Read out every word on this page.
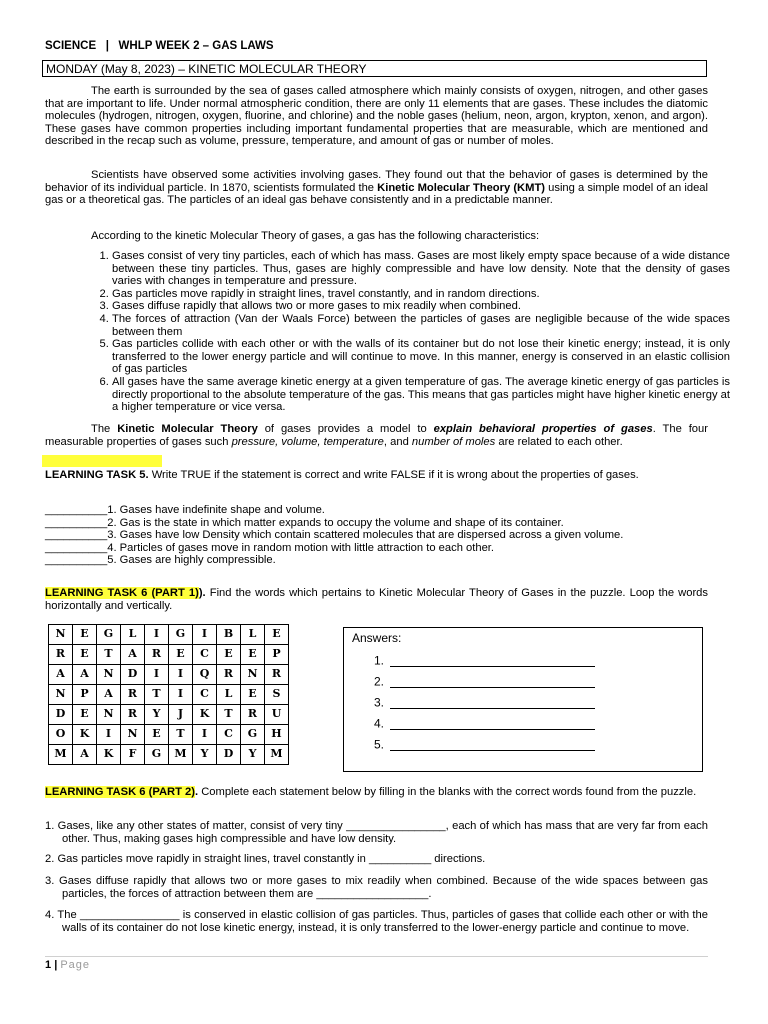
SCIENCE | WHLP WEEK 2 – GAS LAWS
MONDAY (May 8, 2023) – KINETIC MOLECULAR THEORY

The earth is surrounded by the sea of gases called atmosphere which mainly consists of oxygen, nitrogen, and other gases that are important to life. Under normal atmospheric condition, there are only 11 elements that are gases. These includes the diatomic molecules (hydrogen, nitrogen, oxygen, fluorine, and chlorine) and the noble gases (helium, neon, argon, krypton, xenon, and argon). These gases have common properties including important fundamental properties that are measurable, which are mentioned and described in the recap such as volume, pressure, temperature, and amount of gas or number of moles.

Scientists have observed some activities involving gases. They found out that the behavior of gases is determined by the behavior of its individual particle. In 1870, scientists formulated the Kinetic Molecular Theory (KMT) using a simple model of an ideal gas or a theoretical gas. The particles of an ideal gas behave consistently and in a predictable manner.

According to the kinetic Molecular Theory of gases, a gas has the following characteristics:

1. Gases consist of very tiny particles, each of which has mass. Gases are most likely empty space because of a wide distance between these tiny particles. Thus, gases are highly compressible and have low density. Note that the density of gases varies with changes in temperature and pressure.
2. Gas particles move rapidly in straight lines, travel constantly, and in random directions.
3. Gases diffuse rapidly that allows two or more gases to mix readily when combined.
4. The forces of attraction (Van der Waals Force) between the particles of gases are negligible because of the wide spaces between them
5. Gas particles collide with each other or with the walls of its container but do not lose their kinetic energy; instead, it is only transferred to the lower energy particle and will continue to move. In this manner, energy is conserved in an elastic collision of gas particles
6. All gases have the same average kinetic energy at a given temperature of gas. The average kinetic energy of gas particles is directly proportional to the absolute temperature of the gas. This means that gas particles might have higher kinetic energy at a higher temperature or vice versa.

The Kinetic Molecular Theory of gases provides a model to explain behavioral properties of gases. The four measurable properties of gases such pressure, volume, temperature, and number of moles are related to each other.

LEARNING TASK 5. Write TRUE if the statement is correct and write FALSE if it is wrong about the properties of gases.

__________1. Gases have indefinite shape and volume.
__________2. Gas is the state in which matter expands to occupy the volume and shape of its container.
__________3. Gases have low Density which contain scattered molecules that are dispersed across a given volume.
__________4. Particles of gases move in random motion with little attraction to each other.
__________5. Gases are highly compressible.

LEARNING TASK 6 (PART 1)). Find the words which pertains to Kinetic Molecular Theory of Gases in the puzzle. Loop the words horizontally and vertically.

N	E	G	L	I	G	I	B	L	E
R	E	T	A	R	E	C	E	E	P
A	A	N	D	I	I	Q	R	N	R
N	P	A	R	T	I	C	L	E	S
D	E	N	R	Y	J	K	T	R	U
O	K	I	N	E	T	I	C	G	H
M	A	K	F	G	M	Y	D	Y	M
Answers:
1.
2.
3.
4.
5.

LEARNING TASK 6 (PART 2). Complete each statement below by filling in the blanks with the correct words found from the puzzle.

1. Gases, like any other states of matter, consist of very tiny ________________, each of which has mass that are very far from each other. Thus, making gases high compressible and have low density.

2. Gas particles move rapidly in straight lines, travel constantly in __________ directions.

3. Gases diffuse rapidly that allows two or more gases to mix readily when combined. Because of the wide spaces between gas particles, the forces of attraction between them are __________________.

4. The ________________ is conserved in elastic collision of gas particles. Thus, particles of gases that collide each other or with the walls of its container do not lose kinetic energy, instead, it is only transferred to the lower-energy particle and continue to move.

1 | Page
